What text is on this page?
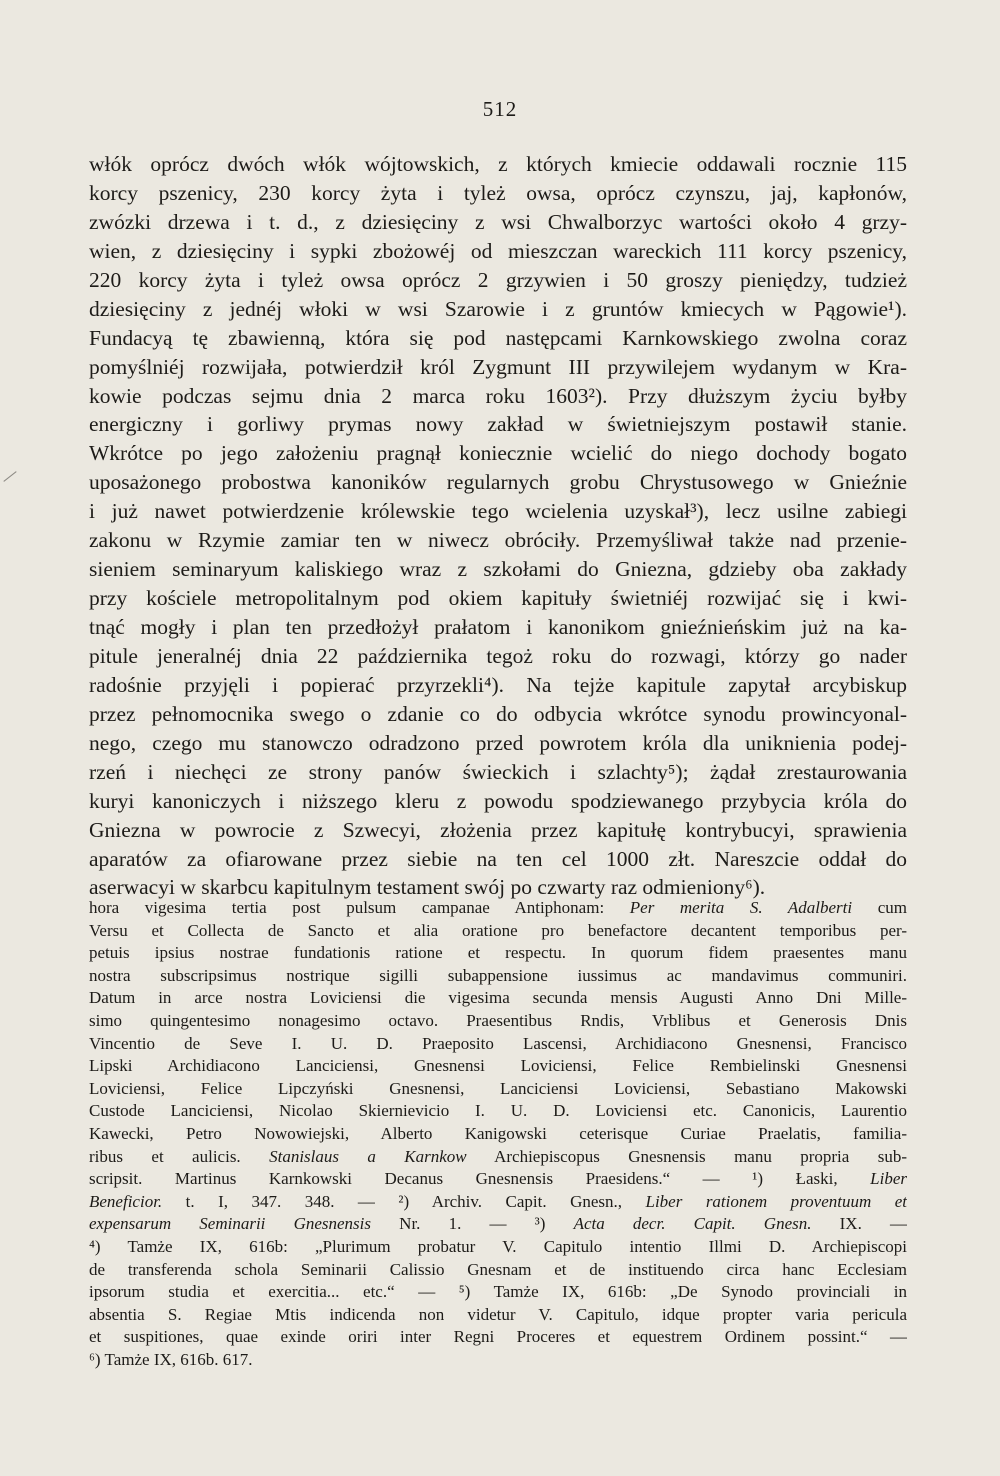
512
włók oprócz dwóch włók wójtowskich, z których kmiecie oddawali rocznie 115
korcy pszenicy, 230 korcy żyta i tyleż owsa, oprócz czynszu, jaj, kapłonów,
zwózki drzewa i t. d., z dziesięciny z wsi Chwalborzyc wartości około 4 grzy-
wien, z dziesięciny i sypki zbożowéj od mieszczan wareckich 111 korcy pszenicy,
220 korcy żyta i tyleż owsa oprócz 2 grzywien i 50 groszy pieniędzy, tudzież
dziesięciny z jednéj włoki w wsi Szarowie i z gruntów kmiecych w Pągowie¹).
Fundacyą tę zbawienną, która się pod następcami Karnkowskiego zwolna coraz
pomyślniéj rozwijała, potwierdził król Zygmunt III przywilejem wydanym w Kra-
kowie podczas sejmu dnia 2 marca roku 1603²). Przy dłuższym życiu byłby
energiczny i gorliwy prymas nowy zakład w świetniejszym postawił stanie.
Wkrótce po jego założeniu pragnął koniecznie wcielić do niego dochody bogato
uposażonego probostwa kanoników regularnych grobu Chrystusowego w Gnieźnie
i już nawet potwierdzenie królewskie tego wcielenia uzyskał³), lecz usilne zabiegi
zakonu w Rzymie zamiar ten w niwecz obróciły. Przemyśliwał także nad przenie-
sieniem seminaryum kaliskiego wraz z szkołami do Gniezna, gdzieby oba zakłady
przy kościele metropolitalnym pod okiem kapituły świetniéj rozwijać się i kwi-
tnąć mogły i plan ten przedłożył prałatom i kanonikom gnieźnieńskim już na ka-
pitule jeneralnéj dnia 22 października tegoż roku do rozwagi, którzy go nader
radośnie przyjęli i popierać przyrzekli⁴). Na tejże kapitule zapytał arcybiskup
przez pełnomocnika swego o zdanie co do odbycia wkrótce synodu prowincyonal-
nego, czego mu stanowczo odradzono przed powrotem króla dla uniknienia podej-
rzeń i niechęci ze strony panów świeckich i szlachty⁵); żądał zrestaurowania
kuryi kanoniczych i niższego kleru z powodu spodziewanego przybycia króla do
Gniezna w powrocie z Szwecyi, złożenia przez kapitułę kontrybucyi, sprawienia
aparatów za ofiarowane przez siebie na ten cel 1000 złt. Nareszcie oddał do
aserwacyi w skarbcu kapitulnym testament swój po czwarty raz odmieniony⁶).
hora vigesima tertia post pulsum campanae Antiphonam: Per merita S. Adalberti cum
Versu et Collecta de Sancto et alia oratione pro benefactore decantent temporibus per-
petuis ipsius nostrae fundationis ratione et respectu. In quorum fidem praesentes manu
nostra subscripsimus nostrique sigilli subappensione iussimus ac mandavimus communiri.
Datum in arce nostra Loviciensi die vigesima secunda mensis Augusti Anno Dni Mille-
simo quingentesimo nonagesimo octavo. Praesentibus Rndis, Vrblibus et Generosis Dnis
Vincentio de Seve I. U. D. Praeposito Lascensi, Archidiacono Gnesnensi, Francisco
Lipski Archidiacono Lanciciensi, Gnesnensi Loviciensi, Felice Rembielinski Gnesnensi
Loviciensi, Felice Lipczyński Gnesnensi, Lanciciensi Loviciensi, Sebastiano Makowski
Custode Lanciciensi, Nicolao Skiernievicio I. U. D. Loviciensi etc. Canonicis, Laurentio
Kawecki, Petro Nowowiejski, Alberto Kanigowski ceterisque Curiae Praelatis, familia-
ribus et aulicis. Stanislaus a Karnkow Archiepiscopus Gnesnensis manu propria sub-
scripsit. Martinus Karnkowski Decanus Gnesnensis Praesidens.“ — ¹) Łaski, Liber
Beneficior. t. I, 347. 348. — ²) Archiv. Capit. Gnesn., Liber rationem proventuum et
expensarum Seminarii Gnesnensis Nr. 1. — ³) Acta decr. Capit. Gnesn. IX. —
⁴) Tamże IX, 616b: „Plurimum probatur V. Capitulo intentio Illmi D. Archiepiscopi
de transferenda schola Seminarii Calissio Gnesnam et de instituendo circa hanc Ecclesiam
ipsorum studia et exercitia... etc.“ — ⁵) Tamże IX, 616b: „De Synodo provinciali in
absentia S. Regiae Mtis indicenda non videtur V. Capitulo, idque propter varia pericula
et suspitiones, quae exinde oriri inter Regni Proceres et equestrem Ordinem possint.“ —
⁶) Tamże IX, 616b. 617.
